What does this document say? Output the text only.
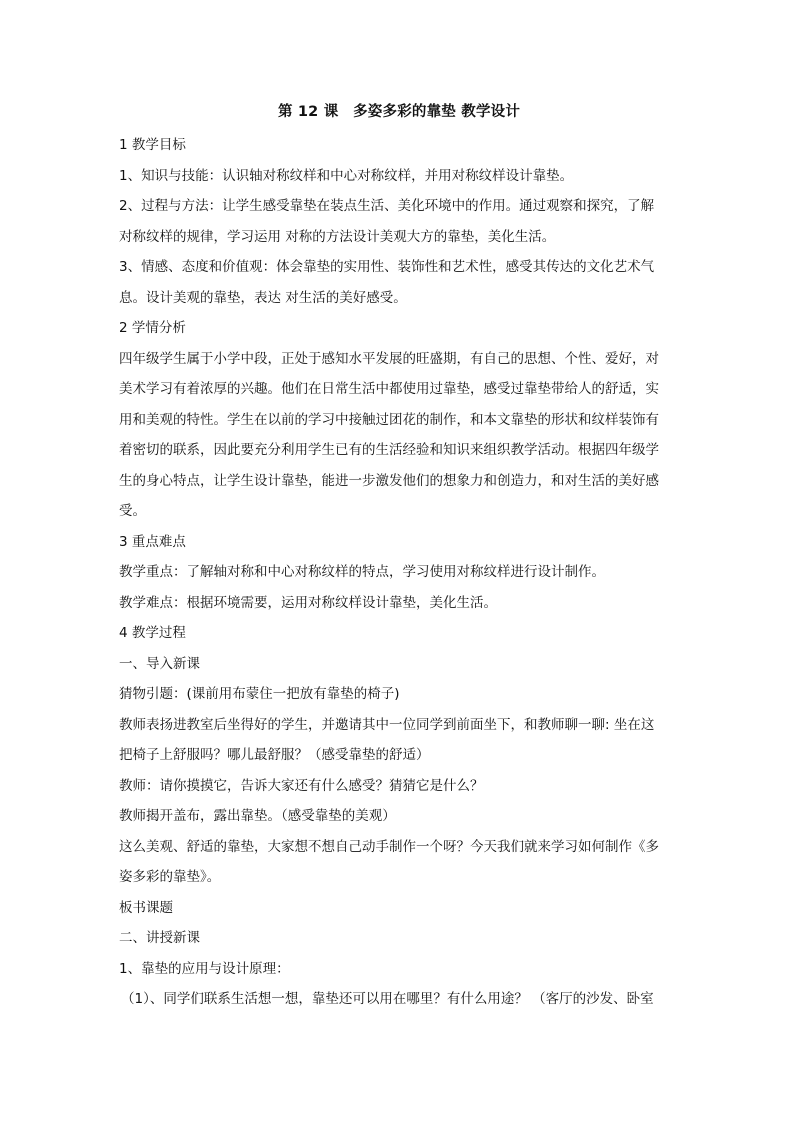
第 12 课　多姿多彩的靠垫 教学设计
1 教学目标
1、知识与技能：认识轴对称纹样和中心对称纹样，并用对称纹样设计靠垫。
2、过程与方法：让学生感受靠垫在装点生活、美化环境中的作用。通过观察和探究，了解
对称纹样的规律，学习运用 对称的方法设计美观大方的靠垫，美化生活。
3、情感、态度和价值观：体会靠垫的实用性、装饰性和艺术性，感受其传达的文化艺术气
息。设计美观的靠垫，表达 对生活的美好感受。
2 学情分析
四年级学生属于小学中段，正处于感知水平发展的旺盛期，有自己的思想、个性、爱好，对
美术学习有着浓厚的兴趣。他们在日常生活中都使用过靠垫，感受过靠垫带给人的舒适，实
用和美观的特性。学生在以前的学习中接触过团花的制作，和本文靠垫的形状和纹样装饰有
着密切的联系，因此要充分利用学生已有的生活经验和知识来组织教学活动。根据四年级学
生的身心特点，让学生设计靠垫，能进一步激发他们的想象力和创造力，和对生活的美好感
受。
3 重点难点
教学重点：了解轴对称和中心对称纹样的特点，学习使用对称纹样进行设计制作。
教学难点：根据环境需要，运用对称纹样设计靠垫，美化生活。
4 教学过程
一、导入新课
猜物引题：(课前用布蒙住一把放有靠垫的椅子)
教师表扬进教室后坐得好的学生，并邀请其中一位同学到前面坐下，和教师聊一聊: 坐在这
把椅子上舒服吗？哪儿最舒服？（感受靠垫的舒适）
教师：请你摸摸它，告诉大家还有什么感受？猜猜它是什么？
教师揭开盖布，露出靠垫。（感受靠垫的美观）
这么美观、舒适的靠垫，大家想不想自己动手制作一个呀？今天我们就来学习如何制作《多
姿多彩的靠垫》。
板书课题
二、讲授新课
1、靠垫的应用与设计原理：
（1）、同学们联系生活想一想，靠垫还可以用在哪里？有什么用途？ （客厅的沙发、卧室
